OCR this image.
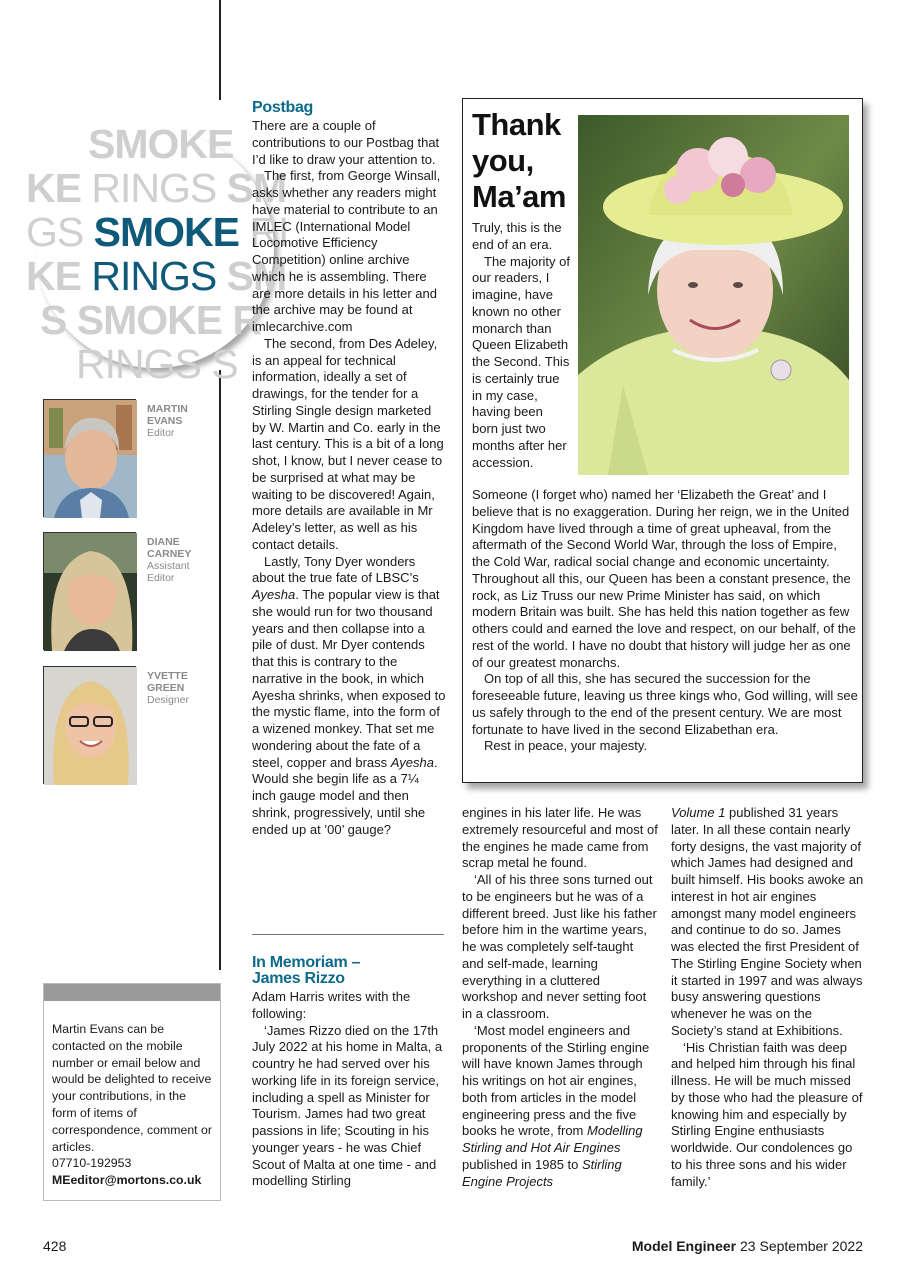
SMOKE
KE RINGS SM
GS SMOKE RI
KE RINGS SM
S SMOKE R
RINGS S
MARTIN
EVANS
Editor
DIANE
CARNEY
Assistant Editor
YVETTE
GREEN
Designer

Martin Evans can be contacted on the mobile number or email below and would be delighted to receive your contributions, in the form of items of correspondence, comment or articles.

07710-192953

MEeditor@mortons.co.uk

Postbag

There are a couple of contributions to our Postbag that I’d like to draw your attention to.

The first, from George Winsall, asks whether any readers might have material to contribute to an IMLEC (International Model Locomotive Efficiency Competition) online archive which he is assembling. There are more details in his letter and the archive may be found at imlecarchive.com

The second, from Des Adeley, is an appeal for technical information, ideally a set of drawings, for the tender for a Stirling Single design marketed by W. Martin and Co. early in the last century. This is a bit of a long shot, I know, but I never cease to be surprised at what may be waiting to be discovered! Again, more details are available in Mr Adeley’s letter, as well as his contact details.

Lastly, Tony Dyer wonders about the true fate of LBSC’s Ayesha. The popular view is that she would run for two thousand years and then collapse into a pile of dust. Mr Dyer contends that this is contrary to the narrative in the book, in which Ayesha shrinks, when exposed to the mystic flame, into the form of a wizened monkey. That set me wondering about the fate of a steel, copper and brass Ayesha. Would she begin life as a 7¼ inch gauge model and then shrink, progressively, until she ended up at ’00’ gauge?

In Memoriam –
James Rizzo

Adam Harris writes with the following:

‘James Rizzo died on the 17th July 2022 at his home in Malta, a country he had served over his working life in its foreign service, including a spell as Minister for Tourism. James had two great passions in life; Scouting in his younger years - he was Chief Scout of Malta at one time - and modelling Stirling

engines in his later life. He was extremely resourceful and most of the engines he made came from scrap metal he found.

‘All of his three sons turned out to be engineers but he was of a different breed. Just like his father before him in the wartime years, he was completely self-taught and self-made, learning everything in a cluttered workshop and never setting foot in a classroom.

‘Most model engineers and proponents of the Stirling engine will have known James through his writings on hot air engines, both from articles in the model engineering press and the five books he wrote, from Modelling Stirling and Hot Air Engines published in 1985 to Stirling Engine Projects

Volume 1 published 31 years later. In all these contain nearly forty designs, the vast majority of which James had designed and built himself. His books awoke an interest in hot air engines amongst many model engineers and continue to do so. James was elected the first President of The Stirling Engine Society when it started in 1997 and was always busy answering questions whenever he was on the Society’s stand at Exhibitions.

‘His Christian faith was deep and helped him through his final illness. He will be much missed by those who had the pleasure of knowing him and especially by Stirling Engine enthusiasts worldwide. Our condolences go to his three sons and his wider family.’

Thank
you,
Ma’am

Truly, this is the end of an era.

The majority of our readers, I imagine, have known no other monarch than Queen Elizabeth the Second. This is certainly true in my case, having been born just two months after her accession.

Someone (I forget who) named her ‘Elizabeth the Great’ and I believe that is no exaggeration. During her reign, we in the United Kingdom have lived through a time of great upheaval, from the aftermath of the Second World War, through the loss of Empire, the Cold War, radical social change and economic uncertainty. Throughout all this, our Queen has been a constant presence, the rock, as Liz Truss our new Prime Minister has said, on which modern Britain was built. She has held this nation together as few others could and earned the love and respect, on our behalf, of the rest of the world. I have no doubt that history will judge her as one of our greatest monarchs.

On top of all this, she has secured the succession for the foreseeable future, leaving us three kings who, God willing, will see us safely through to the end of the present century. We are most fortunate to have lived in the second Elizabethan era.

Rest in peace, your majesty.

428	Model Engineer 23 September 2022
